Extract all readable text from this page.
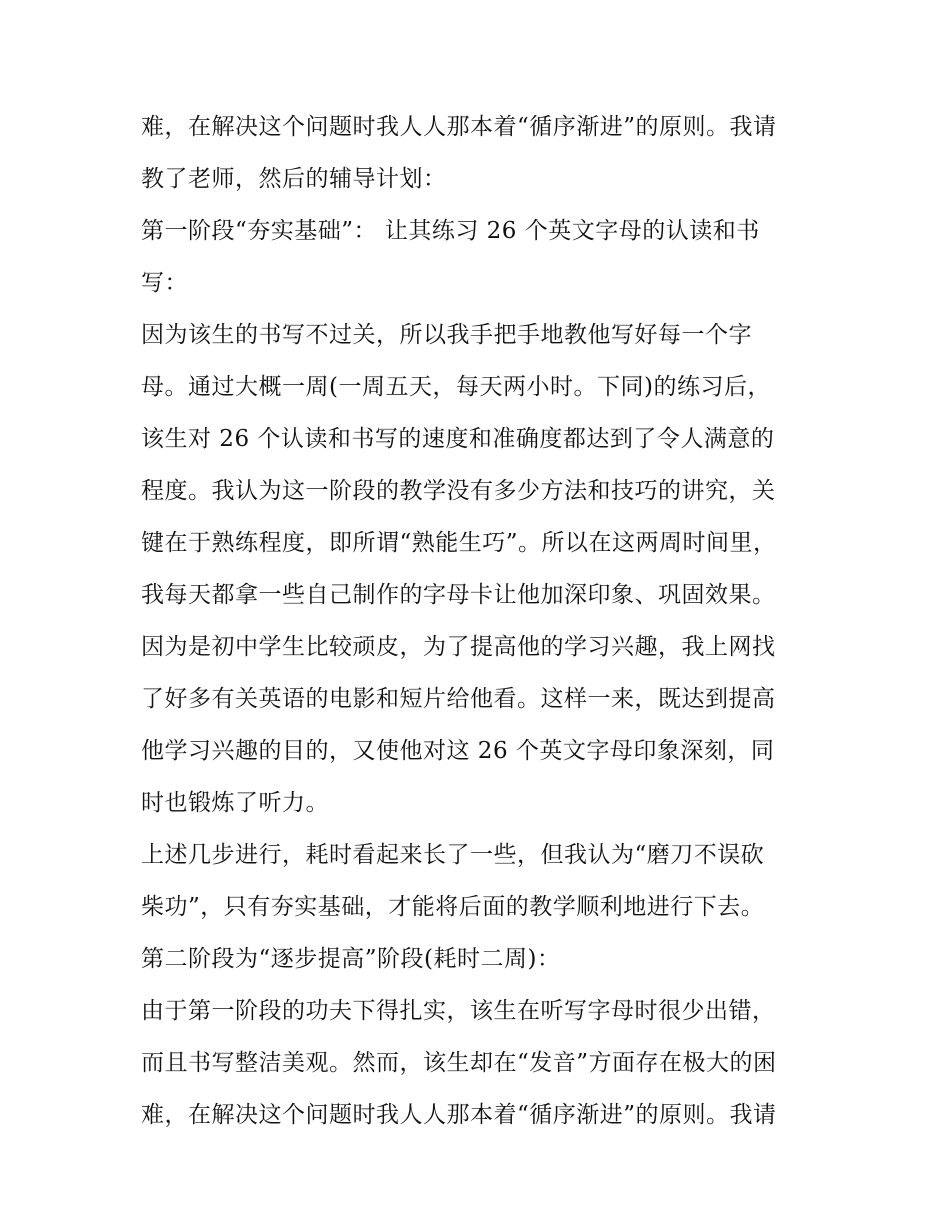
难，在解决这个问题时我人人那本着“循序渐进”的原则。我请
教了老师，然后的辅导计划：
第一阶段“夯实基础”： 让其练习 26 个英文字母的认读和书
写：
因为该生的书写不过关，所以我手把手地教他写好每一个字
母。通过大概一周(一周五天，每天两小时。下同)的练习后，
该生对 26 个认读和书写的速度和准确度都达到了令人满意的
程度。我认为这一阶段的教学没有多少方法和技巧的讲究，关
键在于熟练程度，即所谓“熟能生巧”。所以在这两周时间里，
我每天都拿一些自己制作的字母卡让他加深印象、巩固效果。
因为是初中学生比较顽皮，为了提高他的学习兴趣，我上网找
了好多有关英语的电影和短片给他看。这样一来，既达到提高
他学习兴趣的目的，又使他对这 26 个英文字母印象深刻，同
时也锻炼了听力。
上述几步进行，耗时看起来长了一些，但我认为“磨刀不误砍
柴功”，只有夯实基础，才能将后面的教学顺利地进行下去。
第二阶段为“逐步提高”阶段(耗时二周)：
由于第一阶段的功夫下得扎实，该生在听写字母时很少出错，
而且书写整洁美观。然而，该生却在“发音”方面存在极大的困
难，在解决这个问题时我人人那本着“循序渐进”的原则。我请
